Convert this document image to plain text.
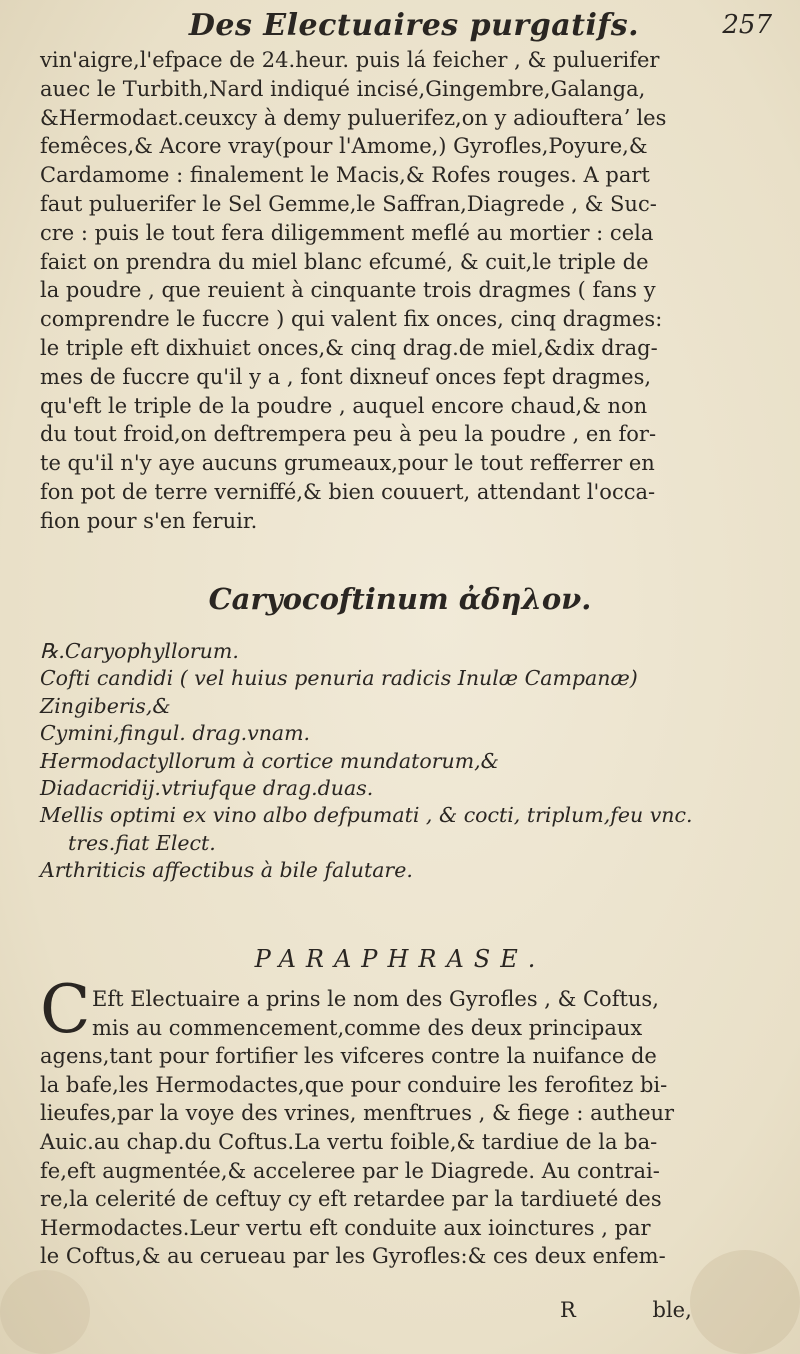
Des Electuaires purgatifs.	257
vin'aigre,l'efpace de 24.heur. puis lá feicher , & puluerifer
auec le Turbith,Nard indiqué incisé,Gingembre,Galanga,
&Hermodaɛt.ceuxcy à demy puluerifez,on y adioufteraʼ les
femêces,& Acore vray(pour l'Amome,) Gyrofles,Poyure,&
Cardamome : finalement le Macis,& Rofes rouges. A part
faut puluerifer le Sel Gemme,le Saffran,Diagrede , & Suc-
cre : puis le tout fera diligemment meflé au mortier : cela
faiɛt on prendra du miel blanc efcumé, & cuit,le triple de
la poudre , que reuient à cinquante trois dragmes ( fans y
comprendre le fuccre ) qui valent fix onces, cinq dragmes:
le triple eft dixhuiɛt onces,& cinq drag.de miel,&dix drag-
mes de fuccre qu'il y a , font dixneuf onces fept dragmes,
qu'eft le triple de la poudre , auquel encore chaud,& non
du tout froid,on deftrempera peu à peu la poudre , en for-
te qu'il n'y aye aucuns grumeaux,pour le tout refferrer en
fon pot de terre verniffé,& bien couuert, attendant l'occa-
fion pour s'en feruir.
Caryocoftinum ἀδηλον.
℞.Caryophyllorum.
Cofti candidi ( vel huius penuria radicis Inulæ Campanæ)
Zingiberis,&
Cymini,fingul. drag.vnam.
Hermodactyllorum à cortice mundatorum,&
Diadacridij.vtriufque drag.duas.
Mellis optimi ex vino albo defpumati , & cocti, triplum,feu vnc.
tres.fiat Elect.
Arthriticis affectibus à bile falutare.
PARAPHRASE.
C Eft Electuaire a prins le nom des Gyrofles , & Coftus,
mis au commencement,comme des deux principaux
agens,tant pour fortifier les vifceres contre la nuifance de
la bafe,les Hermodactes,que pour conduire les ferofitez bi-
lieufes,par la voye des vrines, menftrues , & fiege : autheur
Auic.au chap.du Coftus.La vertu foible,& tardiue de la ba-
fe,eft augmentée,& acceleree par le Diagrede. Au contrai-
re,la celerité de ceftuy cy eft retardee par la tardiueté des
Hermodactes.Leur vertu eft conduite aux ioinctures , par
le Coftus,& au cerueau par les Gyrofles:& ces deux enfem-
R	ble,
